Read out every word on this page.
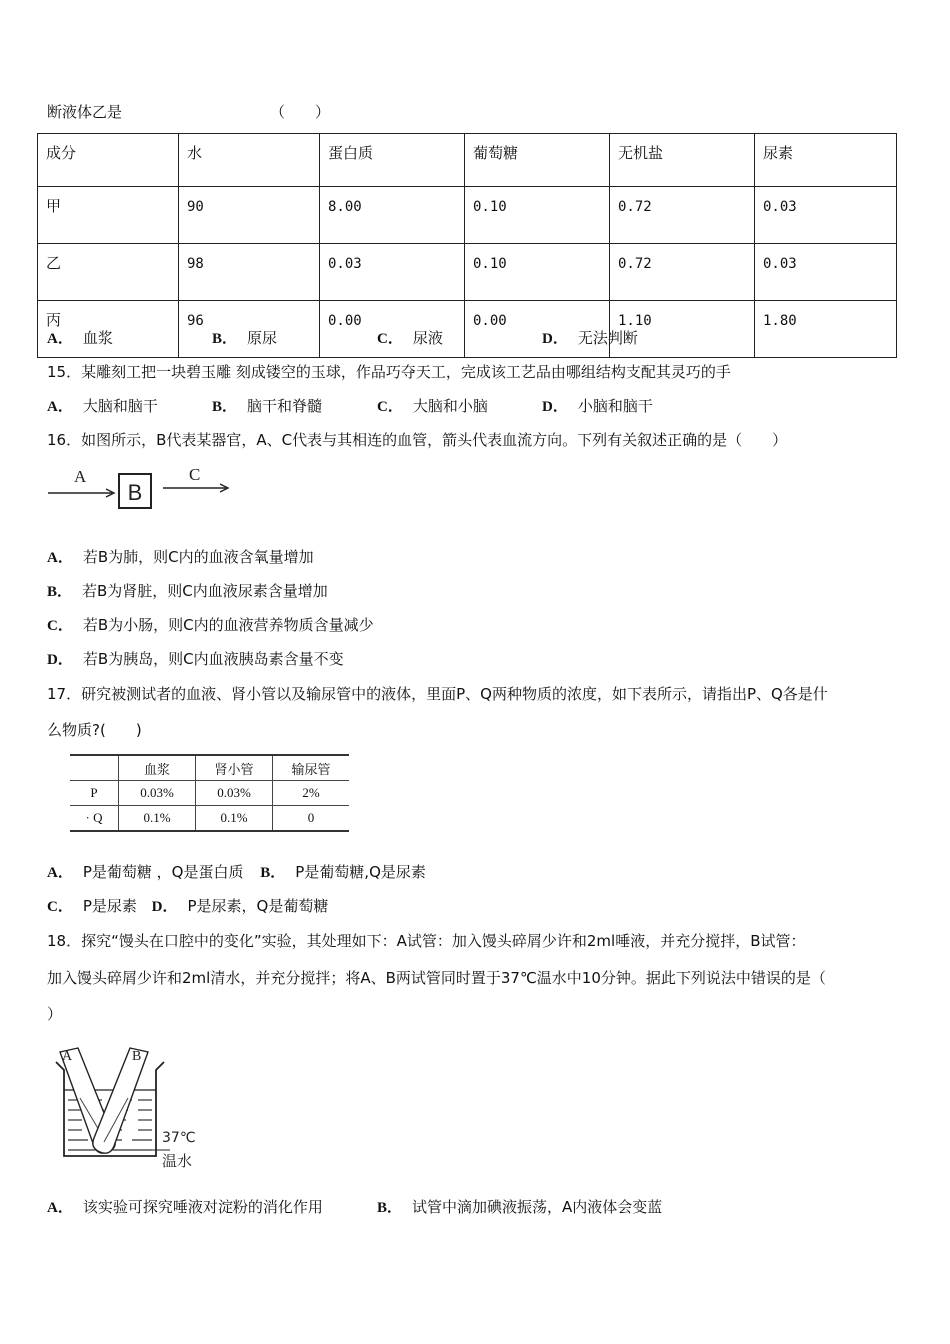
断液体乙是	（　　）
成分	水	蛋白质	葡萄糖	无机盐	尿素
甲	90	8.00	0.10	0.72	0.03
乙	98	0.03	0.10	0.72	0.03
丙	96	0.00	0.00	1.10	1.80
A． 血浆	B． 原尿	C． 尿液	D． 无法判断
15．某雕刻工把一块碧玉雕 刻成镂空的玉球，作品巧夺天工，完成该工艺品由哪组结构支配其灵巧的手
A． 大脑和脑干	B． 脑干和脊髓	C． 大脑和小脑	D． 小脑和脑干
16．如图所示，B代表某器官，A、C代表与其相连的血管，箭头代表血流方向。下列有关叙述正确的是（　　）
A
B
C
A． 若B为肺，则C内的血液含氧量增加
B． 若B为肾脏，则C内血液尿素含量增加
C． 若B为小肠，则C内的血液营养物质含量减少
D． 若B为胰岛，则C内血液胰岛素含量不变
17．研究被测试者的血液、肾小管以及输尿管中的液体，里面P、Q两种物质的浓度，如下表所示，请指出P、Q各是什
么物质?(　　)
	血浆	肾小管	输尿管
P	0.03%	0.03%	2%
· Q	0.1%	0.1%	0
A． P是葡萄糖 ，Q是蛋白质 B． P是葡萄糖,Q是尿素
C． P是尿素 D． P是尿素，Q是葡萄糖
18．探究“馒头在口腔中的变化”实验，其处理如下：A试管：加入馒头碎屑少许和2ml唾液，并充分搅拌，B试管：
加入馒头碎屑少许和2ml清水，并充分搅拌；将A、B两试管同时置于37℃温水中10分钟。据此下列说法中错误的是（
）
A	B
37℃
温水
A． 该实验可探究唾液对淀粉的消化作用	B． 试管中滴加碘液振荡，A内液体会变蓝
